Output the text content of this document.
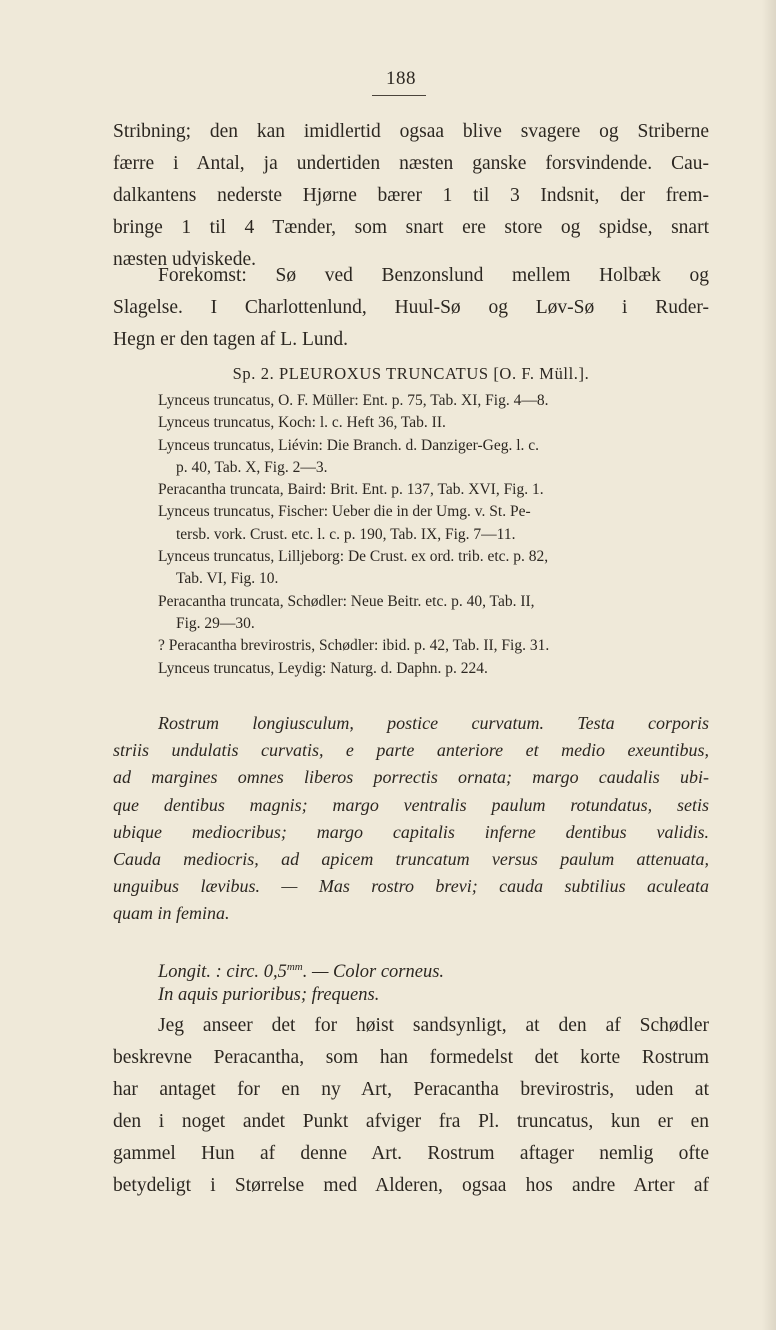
188
Stribning; den kan imidlertid ogsaa blive svagere og Striberne
færre i Antal, ja undertiden næsten ganske forsvindende. Cau-
dalkantens nederste Hjørne bærer 1 til 3 Indsnit, der frem-
bringe 1 til 4 Tænder, som snart ere store og spidse, snart
næsten udviskede.
Forekomst: Sø ved Benzonslund mellem Holbæk og
Slagelse. I Charlottenlund, Huul-Sø og Løv-Sø i Ruder-
Hegn er den tagen af L. Lund.
Sp. 2. PLEUROXUS TRUNCATUS [O. F. Müll.].
Lynceus truncatus, O. F. Müller: Ent. p. 75, Tab. XI, Fig. 4—8.
Lynceus truncatus, Koch: l. c. Heft 36, Tab. II.
Lynceus truncatus, Liévin: Die Branch. d. Danziger-Geg. l. c.
p. 40, Tab. X, Fig. 2—3.
Peracantha truncata, Baird: Brit. Ent. p. 137, Tab. XVI, Fig. 1.
Lynceus truncatus, Fischer: Ueber die in der Umg. v. St. Pe-
tersb. vork. Crust. etc. l. c. p. 190, Tab. IX, Fig. 7—11.
Lynceus truncatus, Lilljeborg: De Crust. ex ord. trib. etc. p. 82,
Tab. VI, Fig. 10.
Peracantha truncata, Schødler: Neue Beitr. etc. p. 40, Tab. II,
Fig. 29—30.
? Peracantha brevirostris, Schødler: ibid. p. 42, Tab. II, Fig. 31.
Lynceus truncatus, Leydig: Naturg. d. Daphn. p. 224.
Rostrum longiusculum, postice curvatum. Testa corporis
striis undulatis curvatis, e parte anteriore et medio exeuntibus,
ad margines omnes liberos porrectis ornata; margo caudalis ubi-
que dentibus magnis; margo ventralis paulum rotundatus, setis
ubique mediocribus; margo capitalis inferne dentibus validis.
Cauda mediocris, ad apicem truncatum versus paulum attenuata,
unguibus lævibus. — Mas rostro brevi; cauda subtilius aculeata
quam in femina.
Longit. : circ. $0,5^{mm}$. — Color corneus.
In aquis purioribus; frequens.
Jeg anseer det for høist sandsynligt, at den af Schødler
beskrevne Peracantha, som han formedelst det korte Rostrum
har antaget for en ny Art, Peracantha brevirostris, uden at
den i noget andet Punkt afviger fra Pl. truncatus, kun er en
gammel Hun af denne Art. Rostrum aftager nemlig ofte
betydeligt i Størrelse med Alderen, ogsaa hos andre Arter af
